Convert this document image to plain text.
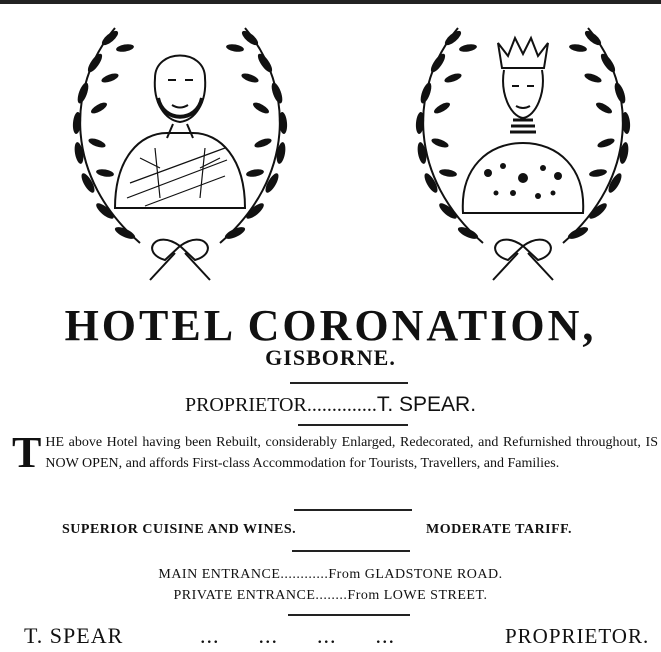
HOTEL CORONATION,
GISBORNE.
PROPRIETOR..............T. SPEAR.
THE above Hotel having been Rebuilt, considerably Enlarged, Redecorated, and Refurnished throughout, IS NOW OPEN, and affords First-class Accommodation for Tourists, Travellers, and Families.
SUPERIOR CUISINE AND WINES.	MODERATE TARIFF.
MAIN ENTRANCE............From GLADSTONE ROAD.
PRIVATE ENTRANCE........From LOWE STREET.
T. SPEAR	...      ...      ...      ...	PROPRIETOR.
